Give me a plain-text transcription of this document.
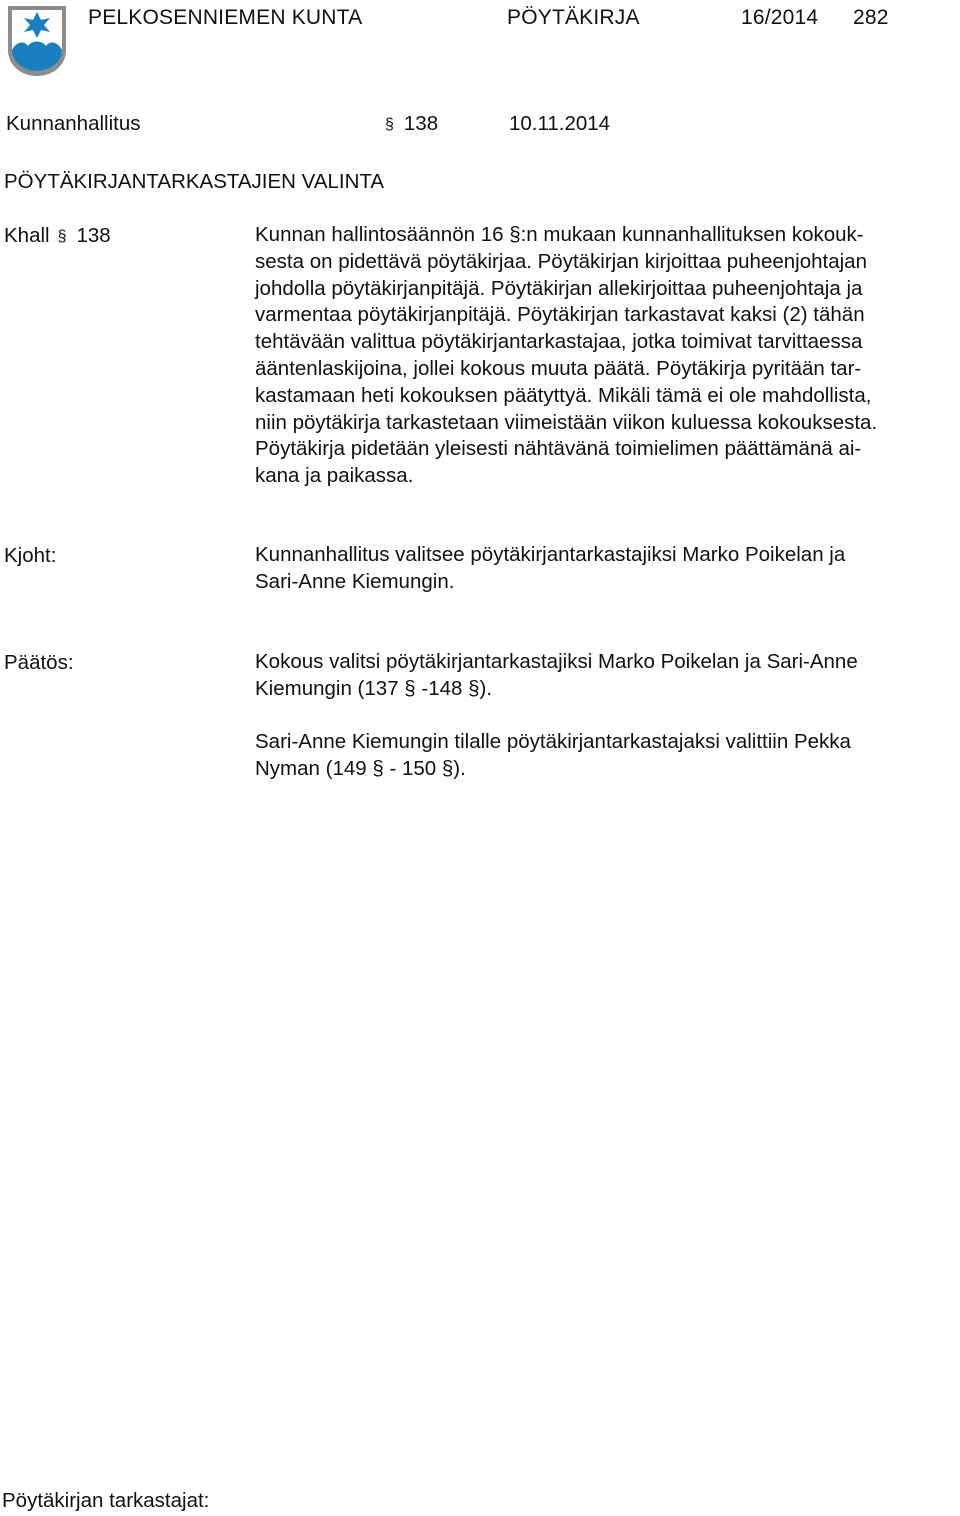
PELKOSENNIEMEN KUNTA	PÖYTÄKIRJA	16/2014 282
Kunnanhallitus	§ 138	10.11.2014
PÖYTÄKIRJANTARKASTAJIEN VALINTA
Khall § 138	Kunnan hallintosäännön 16 §:n mukaan kunnanhallituksen kokouk-
sesta on pidettävä pöytäkirjaa. Pöytäkirjan kirjoittaa puheenjohtajan
johdolla pöytäkirjanpitäjä. Pöytäkirjan allekirjoittaa puheenjohtaja ja
varmentaa pöytäkirjanpitäjä. Pöytäkirjan tarkastavat kaksi (2) tähän
tehtävään valittua pöytäkirjantarkastajaa, jotka toimivat tarvittaessa
ääntenlaskijoina, jollei kokous muuta päätä. Pöytäkirja pyritään tar-
kastamaan heti kokouksen päätyttyä. Mikäli tämä ei ole mahdollista,
niin pöytäkirja tarkastetaan viimeistään viikon kuluessa kokouksesta.
Pöytäkirja pidetään yleisesti nähtävänä toimielimen päättämänä ai-
kana ja paikassa.
Kjoht:	Kunnanhallitus valitsee pöytäkirjantarkastajiksi Marko Poikelan ja
Sari-Anne Kiemungin.
Päätös:	Kokous valitsi pöytäkirjantarkastajiksi Marko Poikelan ja Sari-Anne
Kiemungin (137 § -148 §).
Sari-Anne Kiemungin tilalle pöytäkirjantarkastajaksi valittiin Pekka
Nyman (149 § - 150 §).
Pöytäkirjan tarkastajat:
